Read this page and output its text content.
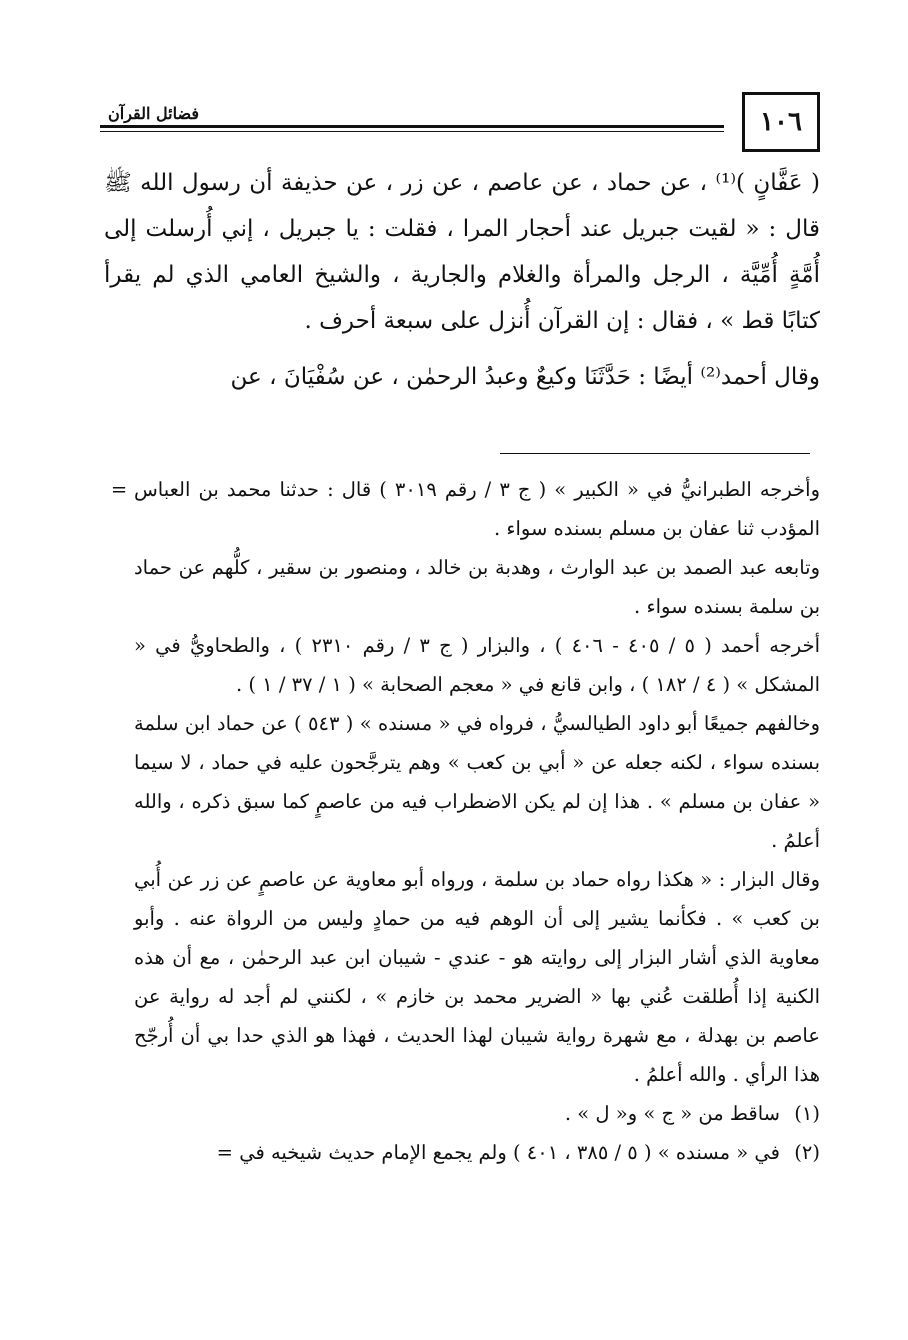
١٠٦
فضائل القرآن

( عَفَّانٍ )⁽¹⁾ ، عن حماد ، عن عاصم ، عن زر ، عن حذيفة أن رسول الله ﷺ قال : « لقيت جبريل عند أحجار المرا ، فقلت : يا جبريل ، إني أُرسلت إلى أُمَّةٍ أُمِّيَّة ، الرجل والمرأة والغلام والجارية ، والشيخ العامي الذي لم يقرأ كتابًا قط » ، فقال : إن القرآن أُنزل على سبعة أحرف .

وقال أحمد⁽²⁾ أيضًا : حَدَّثَنَا وكيعٌ وعبدُ الرحمٰن ، عن سُفْيَانَ ، عن

وأخرجه الطبرانيُّ في « الكبير » ( ج ٣ / رقم ٣٠١٩ ) قال : حدثنا محمد بن العباس المؤدب ثنا عفان بن مسلم بسنده سواء .

وتابعه عبد الصمد بن عبد الوارث ، وهدبة بن خالد ، ومنصور بن سقير ، كلُّهم عن حماد بن سلمة بسنده سواء .

أخرجه أحمد ( ٥ / ٤٠٥ - ٤٠٦ ) ، والبزار ( ج ٣ / رقم ٢٣١٠ ) ، والطحاويُّ في « المشكل » ( ٤ / ١٨٢ ) ، وابن قانع في « معجم الصحابة » ( ١ / ٣٧ / ١ ) .

وخالفهم جميعًا أبو داود الطيالسيُّ ، فرواه في « مسنده » ( ٥٤٣ ) عن حماد ابن سلمة بسنده سواء ، لكنه جعله عن « أبي بن كعب » وهم يترجَّحون عليه في حماد ، لا سيما « عفان بن مسلم » . هذا إن لم يكن الاضطراب فيه من عاصمٍ كما سبق ذكره ، والله أعلمُ .

وقال البزار : « هكذا رواه حماد بن سلمة ، ورواه أبو معاوية عن عاصمٍ عن زر عن أُبي بن كعب » . فكأنما يشير إلى أن الوهم فيه من حمادٍ وليس من الرواة عنه . وأبو معاوية الذي أشار البزار إلى روايته هو - عندي - شيبان ابن عبد الرحمٰن ، مع أن هذه الكنية إذا أُطلقت عُني بها « الضرير محمد بن خازم » ، لكنني لم أجد له رواية عن عاصم بن بهدلة ، مع شهرة رواية شيبان لهذا الحديث ، فهذا هو الذي حدا بي أن أُرجّح هذا الرأي . والله أعلمُ .

=
(١)
ساقط من « ج » و« ل » .
(٢)
في « مسنده » ( ٥ / ٣٨٥ ، ٤٠١ ) ولم يجمع الإمام حديث شيخيه في =
